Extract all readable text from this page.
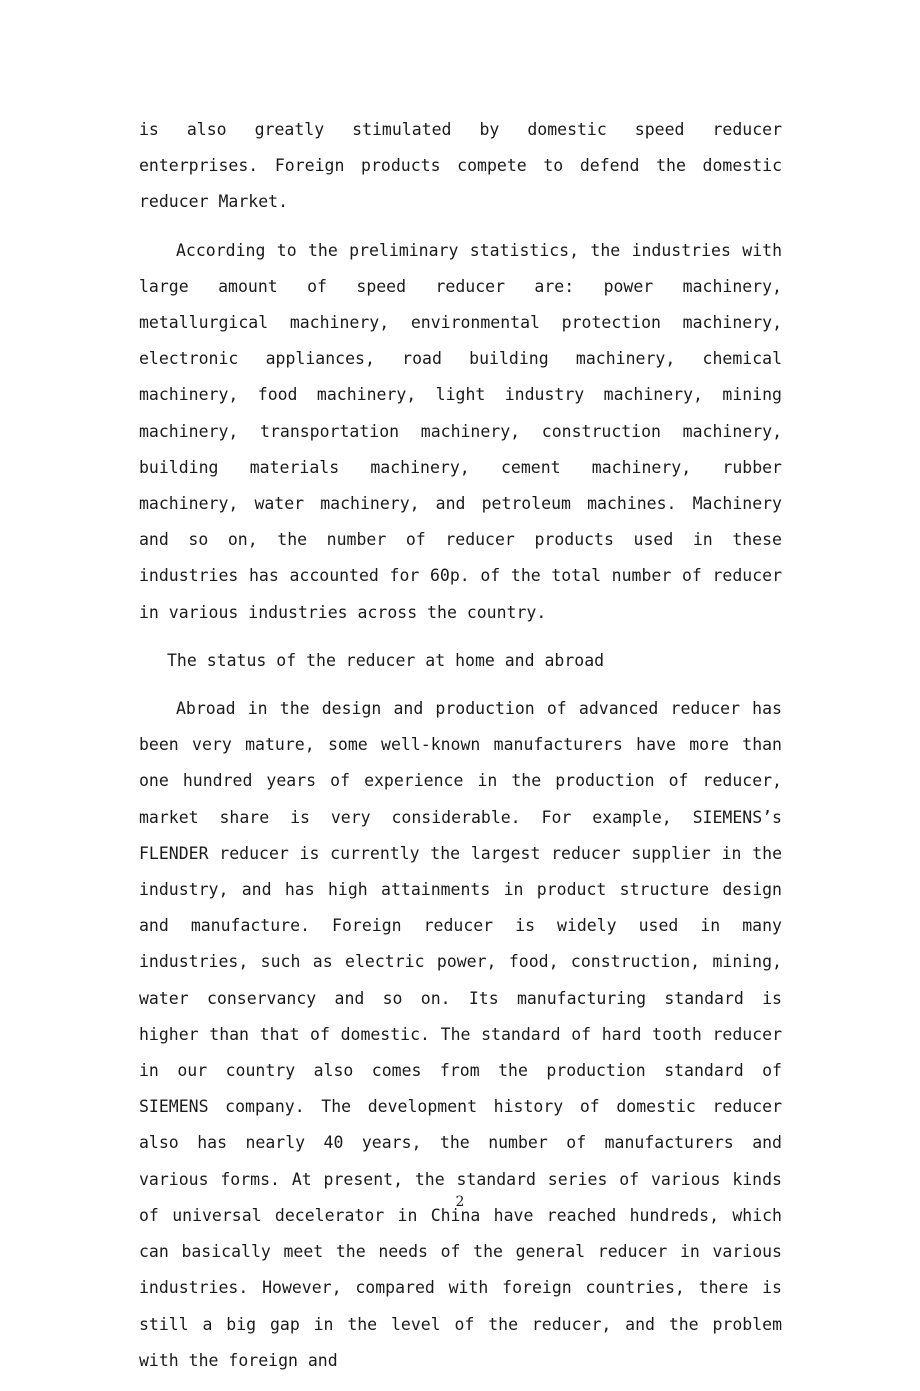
is also greatly stimulated by domestic speed reducer enterprises. Foreign products compete to defend the domestic reducer Market.

According to the preliminary statistics, the industries with large amount of speed reducer are: power machinery, metallurgical machinery, environmental protection machinery, electronic appliances, road building machinery, chemical machinery, food machinery, light industry machinery, mining machinery, transportation machinery, construction machinery, building materials machinery, cement machinery, rubber machinery, water machinery, and petroleum machines. Machinery and so on, the number of reducer products used in these industries has accounted for 60p. of the total number of reducer in various industries across the country.

The status of the reducer at home and abroad

Abroad in the design and production of advanced reducer has been very mature, some well-known manufacturers have more than one hundred years of experience in the production of reducer, market share is very considerable. For example, SIEMENS’s FLENDER reducer is currently the largest reducer supplier in the industry, and has high attainments in product structure design and manufacture. Foreign reducer is widely used in many industries, such as electric power, food, construction, mining, water conservancy and so on. Its manufacturing standard is higher than that of domestic. The standard of hard tooth reducer in our country also comes from the production standard of SIEMENS company. The development history of domestic reducer also has nearly 40 years, the number of manufacturers and various forms. At present, the standard series of various kinds of universal decelerator in China have reached hundreds, which can basically meet the needs of the general reducer in various industries. However, compared with foreign countries, there is still a big gap in the level of the reducer, and the problem with the foreign and

2
